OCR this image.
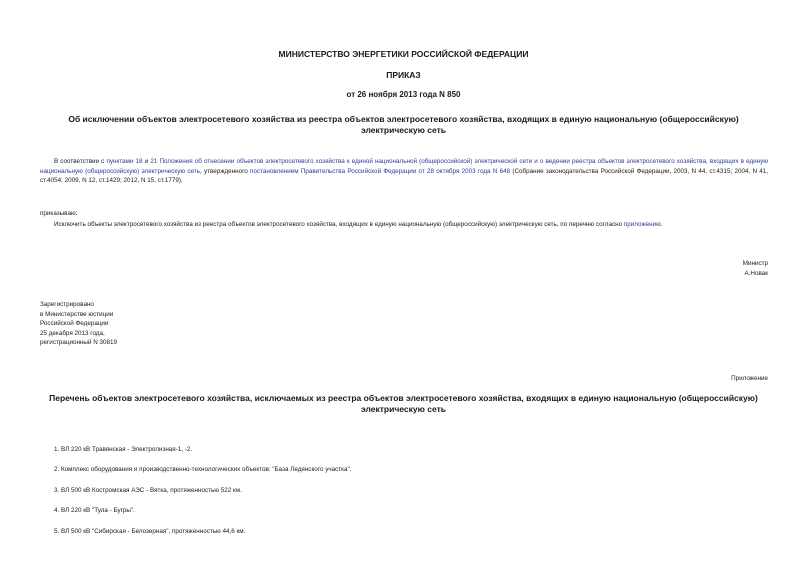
МИНИСТЕРСТВО ЭНЕРГЕТИКИ РОССИЙСКОЙ ФЕДЕРАЦИИ
ПРИКАЗ
от 26 ноября 2013 года N 850
Об исключении объектов электросетевого хозяйства из реестра объектов электросетевого хозяйства, входящих в единую национальную (общероссийскую) электрическую сеть
В соответствии с пунктами 18 и 21 Положения об отнесении объектов электросетевого хозяйства к единой национальной (общероссийской) электрической сети и о ведении реестра объектов электросетевого хозяйства, входящих в единую национальную (общероссийскую) электрическую сеть, утвержденного постановлением Правительства Российской Федерации от 28 октября 2003 года N 648 (Собрание законодательства Российской Федерации, 2003, N 44, ст.4315; 2004, N 41, ст.4054; 2009, N 12, ст.1429; 2012, N 15, ст.1779),
приказываю:
Исключить объекты электросетевого хозяйства из реестра объектов электросетевого хозяйства, входящих в единую национальную (общероссийскую) электрическую сеть, по перечню согласно приложению.
Министр
А.Новак
Зарегистрировано
в Министерстве юстиции
Российской Федерации
25 декабря 2013 года,
регистрационный N 30819
Приложение
Перечень объектов электросетевого хозяйства, исключаемых из реестра объектов электросетевого хозяйства, входящих в единую национальную (общероссийскую) электрическую сеть
1. ВЛ 220 кВ Травянская - Электролизная-1, -2.
2. Комплекс оборудования и производственно-технологических объектов: "База Ледянского участка".
3. ВЛ 500 кВ Костромская АЭС - Вятка, протяженностью 522 км.
4. ВЛ 220 кВ "Тула - Бугры".
5. ВЛ 500 кВ "Сибирская - Белозерная", протяженностью 44,6 км.
